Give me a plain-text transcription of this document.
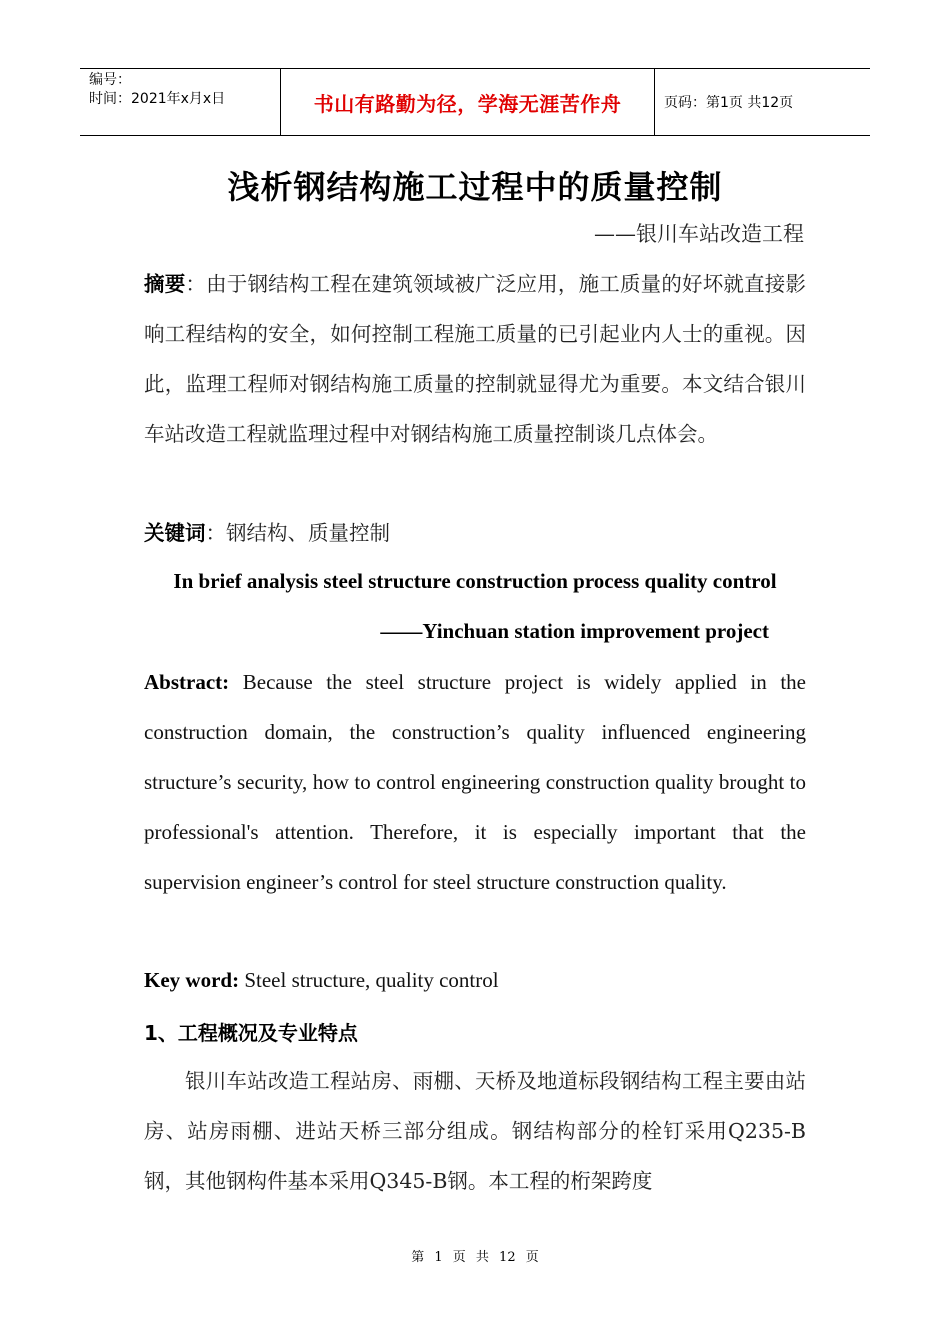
编号：
时间：2021年x月x日	书山有路勤为径，学海无涯苦作舟	页码：第1页 共12页
浅析钢结构施工过程中的质量控制
——银川车站改造工程
摘要：由于钢结构工程在建筑领域被广泛应用，施工质量的好坏就直接影响工程结构的安全，如何控制工程施工质量的已引起业内人士的重视。因此，监理工程师对钢结构施工质量的控制就显得尤为重要。本文结合银川车站改造工程就监理过程中对钢结构施工质量控制谈几点体会。
关键词：钢结构、质量控制
In brief analysis steel structure construction process quality control
——Yinchuan station improvement project
Abstract: Because the steel structure project is widely applied in the construction domain, the construction’s quality influenced engineering structure’s security, how to control engineering construction quality brought to professional's attention. Therefore, it is especially important that the supervision engineer’s control for steel structure construction quality.
Key word: Steel structure, quality control
1、工程概况及专业特点
银川车站改造工程站房、雨棚、天桥及地道标段钢结构工程主要由站房、站房雨棚、进站天桥三部分组成。钢结构部分的栓钉采用Q235-B钢，其他钢构件基本采用Q345-B钢。本工程的桁架跨度
第 1 页 共 12 页
